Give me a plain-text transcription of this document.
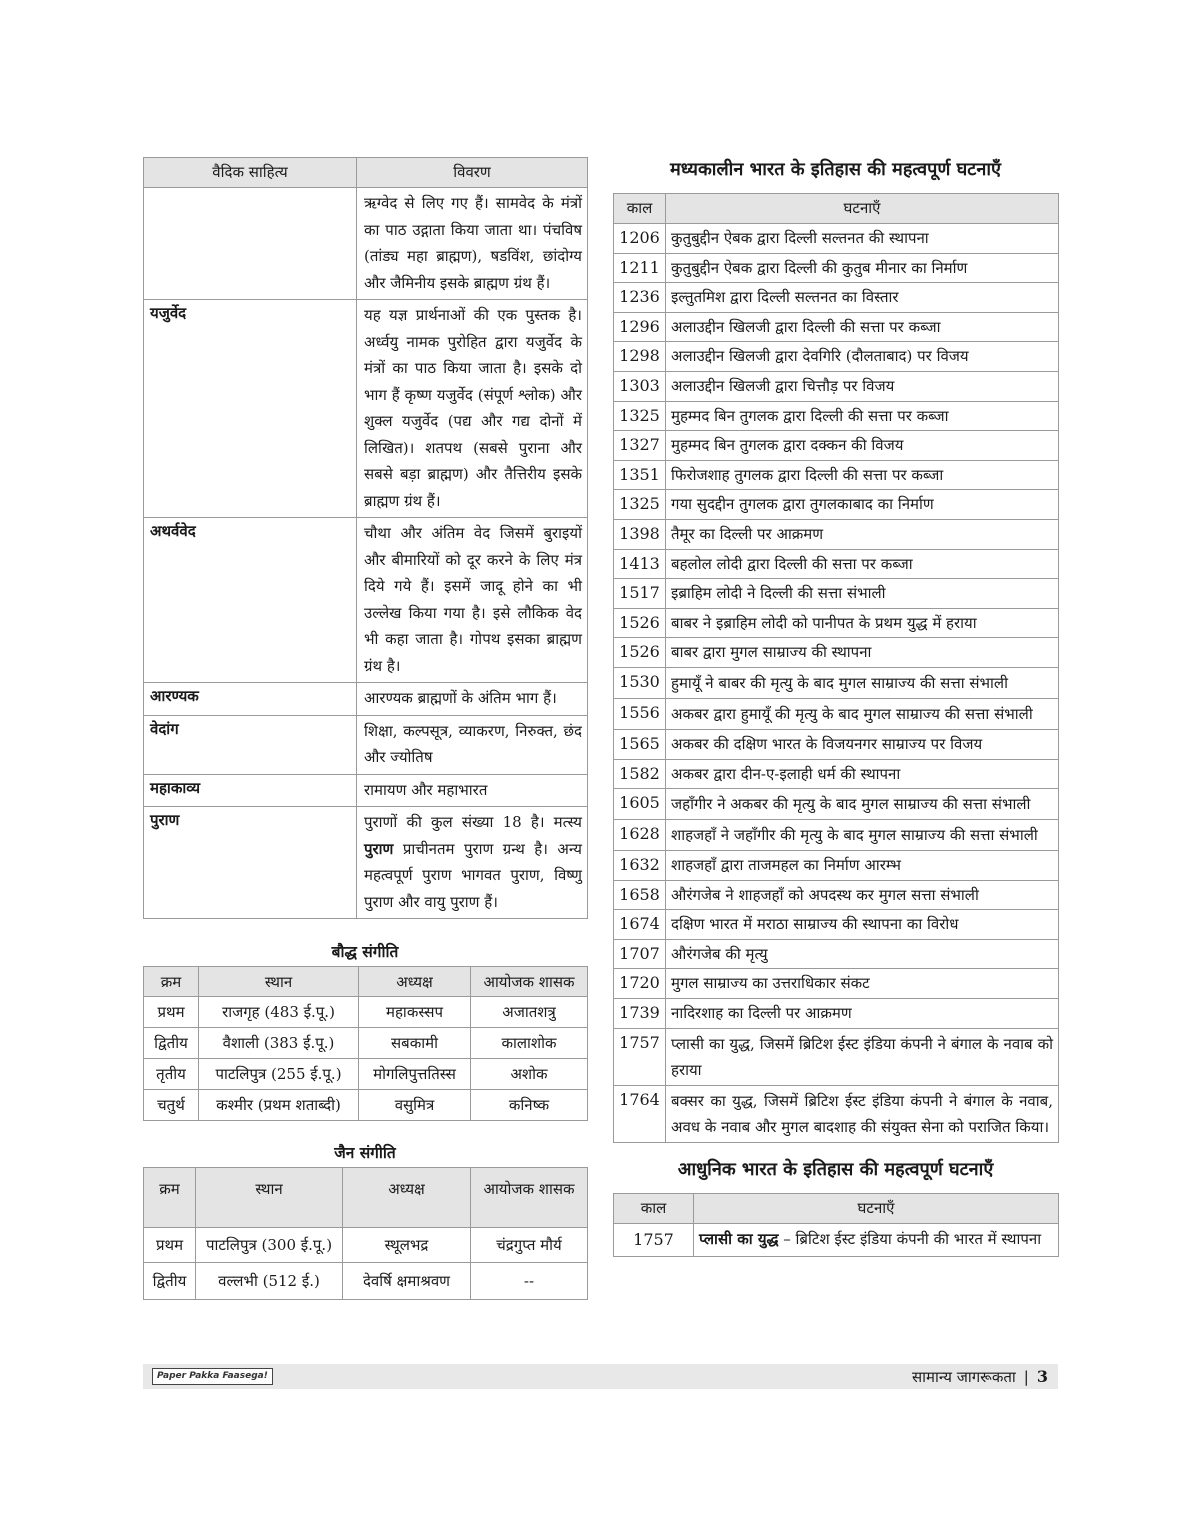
वैदिक साहित्य	विवरण
	ऋग्वेद से लिए गए हैं। सामवेद के मंत्रों का पाठ उद्गाता किया जाता था। पंचविष (तांड्य महा ब्राह्मण), षडविंश, छांदोग्य और जैमिनीय इसके ब्राह्मण ग्रंथ हैं।
यजुर्वेद	यह यज्ञ प्रार्थनाओं की एक पुस्तक है। अर्ध्वयु नामक पुरोहित द्वारा यजुर्वेद के मंत्रों का पाठ किया जाता है। इसके दो भाग हैं कृष्ण यजुर्वेद (संपूर्ण श्लोक) और शुक्ल यजुर्वेद (पद्य और गद्य दोनों में लिखित)। शतपथ (सबसे पुराना और सबसे बड़ा ब्राह्मण) और तैत्तिरीय इसके ब्राह्मण ग्रंथ हैं।
अथर्ववेद	चौथा और अंतिम वेद जिसमें बुराइयों और बीमारियों को दूर करने के लिए मंत्र दिये गये हैं। इसमें जादू होने का भी उल्लेख किया गया है। इसे लौकिक वेद भी कहा जाता है। गोपथ इसका ब्राह्मण ग्रंथ है।
आरण्यक	आरण्यक ब्राह्मणों के अंतिम भाग हैं।
वेदांग	शिक्षा, कल्पसूत्र, व्याकरण, निरुक्त, छंद और ज्योतिष
महाकाव्य	रामायण और महाभारत
पुराण	पुराणों की कुल संख्या 18 है। मत्स्य पुराण प्राचीनतम पुराण ग्रन्थ है। अन्य महत्वपूर्ण पुराण भागवत पुराण, विष्णु पुराण और वायु पुराण हैं।
बौद्ध संगीति
क्रम	स्थान	अध्यक्ष	आयोजक शासक
प्रथम	राजगृह (483 ई.पू.)	महाकस्सप	अजातशत्रु
द्वितीय	वैशाली (383 ई.पू.)	सबकामी	कालाशोक
तृतीय	पाटलिपुत्र (255 ई.पू.)	मोगलिपुत्ततिस्स	अशोक
चतुर्थ	कश्मीर (प्रथम शताब्दी)	वसुमित्र	कनिष्क
जैन संगीति
क्रम	स्थान	अध्यक्ष	आयोजक शासक
प्रथम	पाटलिपुत्र (300 ई.पू.)	स्थूलभद्र	चंद्रगुप्त मौर्य
द्वितीय	वल्लभी (512 ई.)	देवर्षि क्षमाश्रवण	--
मध्यकालीन भारत के इतिहास की महत्वपूर्ण घटनाएँ
काल	घटनाएँ
1206	कुतुबुद्दीन ऐबक द्वारा दिल्ली सल्तनत की स्थापना
1211	कुतुबुद्दीन ऐबक द्वारा दिल्ली की कुतुब मीनार का निर्माण
1236	इल्तुतमिश द्वारा दिल्ली सल्तनत का विस्तार
1296	अलाउद्दीन खिलजी द्वारा दिल्ली की सत्ता पर कब्जा
1298	अलाउद्दीन खिलजी द्वारा देवगिरि (दौलताबाद) पर विजय
1303	अलाउद्दीन खिलजी द्वारा चित्तौड़ पर विजय
1325	मुहम्मद बिन तुगलक द्वारा दिल्ली की सत्ता पर कब्जा
1327	मुहम्मद बिन तुगलक द्वारा दक्कन की विजय
1351	फिरोजशाह तुगलक द्वारा दिल्ली की सत्ता पर कब्जा
1325	गया सुदद्दीन तुगलक द्वारा तुगलकाबाद का निर्माण
1398	तैमूर का दिल्ली पर आक्रमण
1413	बहलोल लोदी द्वारा दिल्ली की सत्ता पर कब्जा
1517	इब्राहिम लोदी ने दिल्ली की सत्ता संभाली
1526	बाबर ने इब्राहिम लोदी को पानीपत के प्रथम युद्ध में हराया
1526	बाबर द्वारा मुगल साम्राज्य की स्थापना
1530	हुमायूँ ने बाबर की मृत्यु के बाद मुगल साम्राज्य की सत्ता संभाली
1556	अकबर द्वारा हुमायूँ की मृत्यु के बाद मुगल साम्राज्य की सत्ता संभाली
1565	अकबर की दक्षिण भारत के विजयनगर साम्राज्य पर विजय
1582	अकबर द्वारा दीन-ए-इलाही धर्म की स्थापना
1605	जहाँगीर ने अकबर की मृत्यु के बाद मुगल साम्राज्य की सत्ता संभाली
1628	शाहजहाँ ने जहाँगीर की मृत्यु के बाद मुगल साम्राज्य की सत्ता संभाली
1632	शाहजहाँ द्वारा ताजमहल का निर्माण आरम्भ
1658	औरंगजेब ने शाहजहाँ को अपदस्थ कर मुगल सत्ता संभाली
1674	दक्षिण भारत में मराठा साम्राज्य की स्थापना का विरोध
1707	औरंगजेब की मृत्यु
1720	मुगल साम्राज्य का उत्तराधिकार संकट
1739	नादिरशाह का दिल्ली पर आक्रमण
1757	प्लासी का युद्ध, जिसमें ब्रिटिश ईस्ट इंडिया कंपनी ने बंगाल के नवाब को हराया
1764	बक्सर का युद्ध, जिसमें ब्रिटिश ईस्ट इंडिया कंपनी ने बंगाल के नवाब, अवध के नवाब और मुगल बादशाह की संयुक्त सेना को पराजित किया।
आधुनिक भारत के इतिहास की महत्वपूर्ण घटनाएँ
काल	घटनाएँ
1757	प्लासी का युद्ध – ब्रिटिश ईस्ट इंडिया कंपनी की भारत में स्थापना
Paper Pakka Faasega!	सामान्य जागरूकता | 3
